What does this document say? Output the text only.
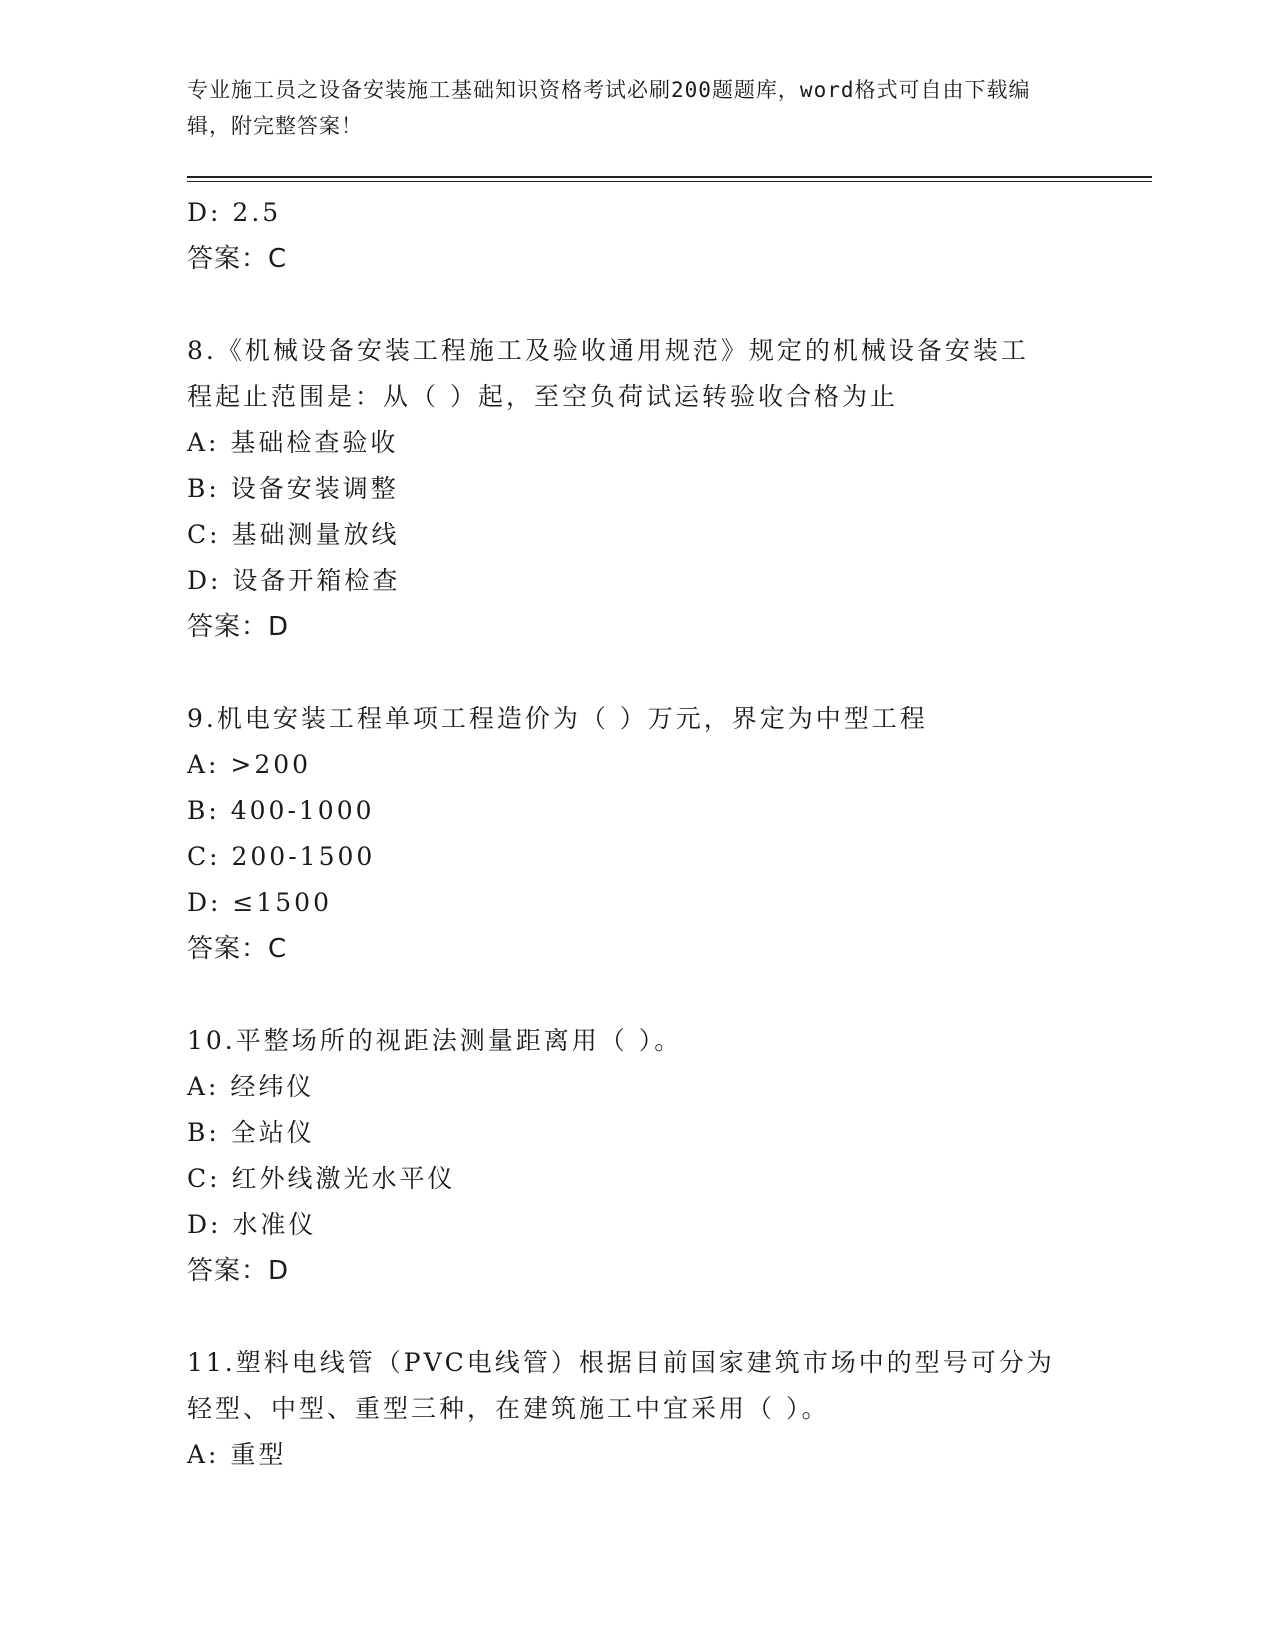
专业施工员之设备安装施工基础知识资格考试必刷200题题库，word格式可自由下载编辑，附完整答案！
D: 2.5
答案：C
8.《机械设备安装工程施工及验收通用规范》规定的机械设备安装工
程起止范围是：从（ ）起，至空负荷试运转验收合格为止
A: 基础检查验收
B: 设备安装调整
C: 基础测量放线
D: 设备开箱检查
答案：D
9.机电安装工程单项工程造价为（ ）万元，界定为中型工程
A: >200
B: 400-1000
C: 200-1500
D: ≤1500
答案：C
10.平整场所的视距法测量距离用（ ）。
A: 经纬仪
B: 全站仪
C: 红外线激光水平仪
D: 水准仪
答案：D
11.塑料电线管（PVC电线管）根据目前国家建筑市场中的型号可分为
轻型、中型、重型三种，在建筑施工中宜采用（ ）。
A: 重型
